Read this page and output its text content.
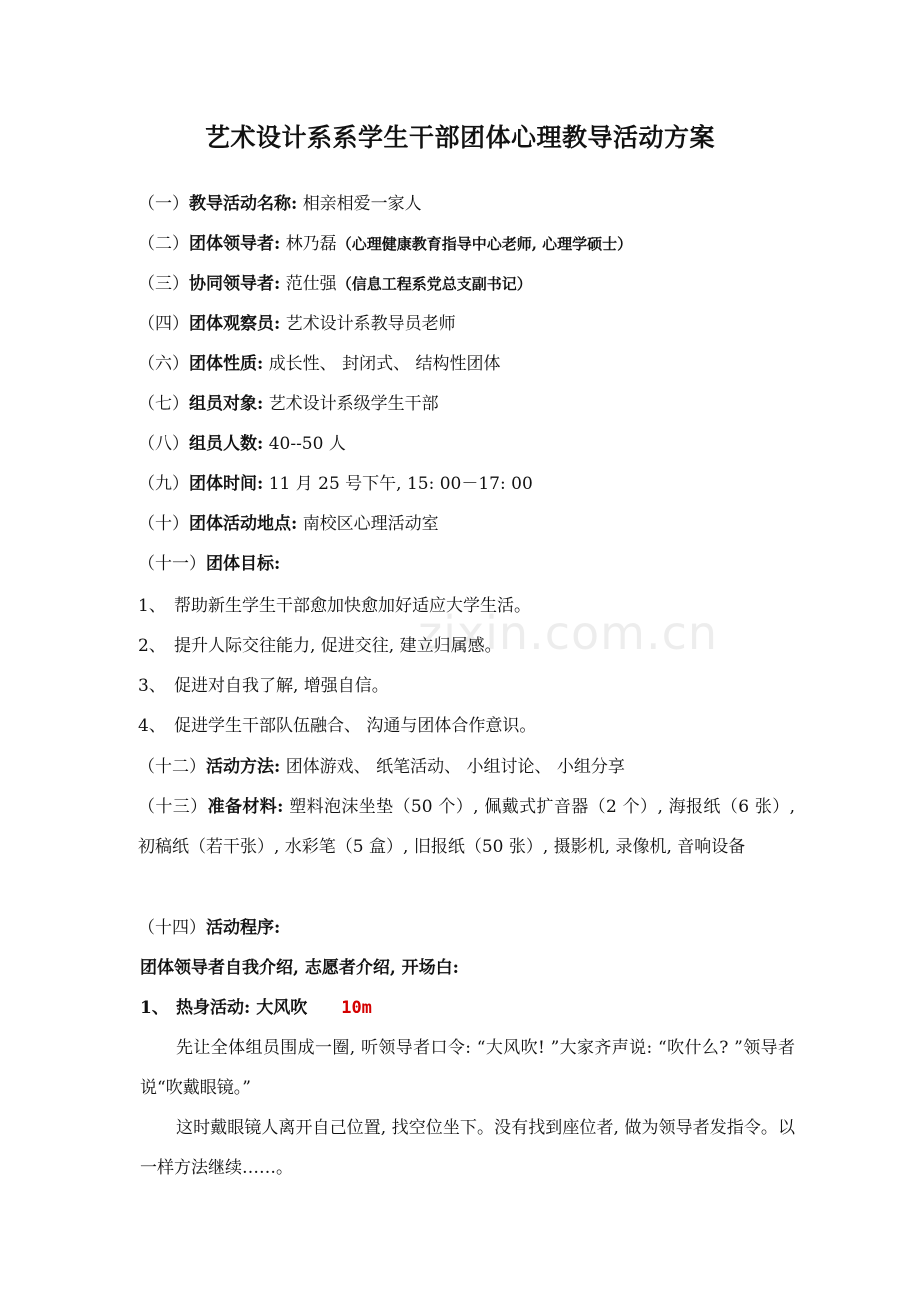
艺术设计系系学生干部团体心理教导活动方案
（一）教导活动名称: 相亲相爱一家人
（二）团体领导者: 林乃磊（心理健康教育指导中心老师, 心理学硕士）
（三）协同领导者: 范仕强（信息工程系党总支副书记）
（四）团体观察员: 艺术设计系教导员老师
（六）团体性质: 成长性、 封闭式、 结构性团体
（七）组员对象: 艺术设计系级学生干部
（八）组员人数: 40--50 人
（九）团体时间: 11 月 25 号下午, 15: 00－17: 00
（十）团体活动地点: 南校区心理活动室
（十一）团体目标:
1、 帮助新生学生干部愈加快愈加好适应大学生活。
2、 提升人际交往能力, 促进交往, 建立归属感。
3、 促进对自我了解, 增强自信。
4、 促进学生干部队伍融合、 沟通与团体合作意识。
（十二）活动方法: 团体游戏、 纸笔活动、 小组讨论、 小组分享
（十三）准备材料: 塑料泡沫坐垫（50 个）, 佩戴式扩音器（2 个）, 海报纸（6 张）, 初稿纸（若干张）, 水彩笔（5 盒）, 旧报纸（50 张）, 摄影机, 录像机, 音响设备
（十四）活动程序:
团体领导者自我介绍, 志愿者介绍, 开场白:
1、 热身活动: 大风吹 10m
先让全体组员围成一圈, 听领导者口令: “大风吹! ”大家齐声说: “吹什么? ”领导者说“吹戴眼镜。”
这时戴眼镜人离开自己位置, 找空位坐下。没有找到座位者, 做为领导者发指令。以一样方法继续……。
zixin.com.cn
